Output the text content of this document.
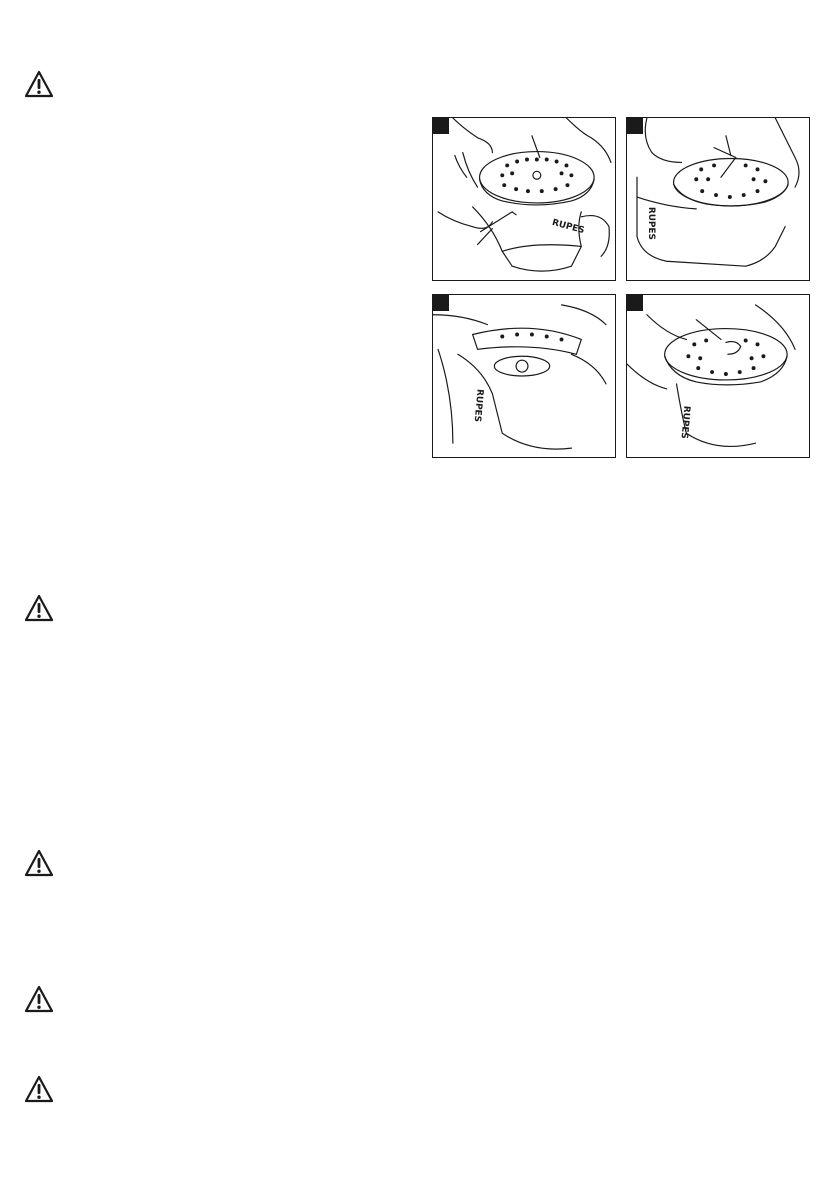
RUPES	RUPES
RUPES	RUPES
